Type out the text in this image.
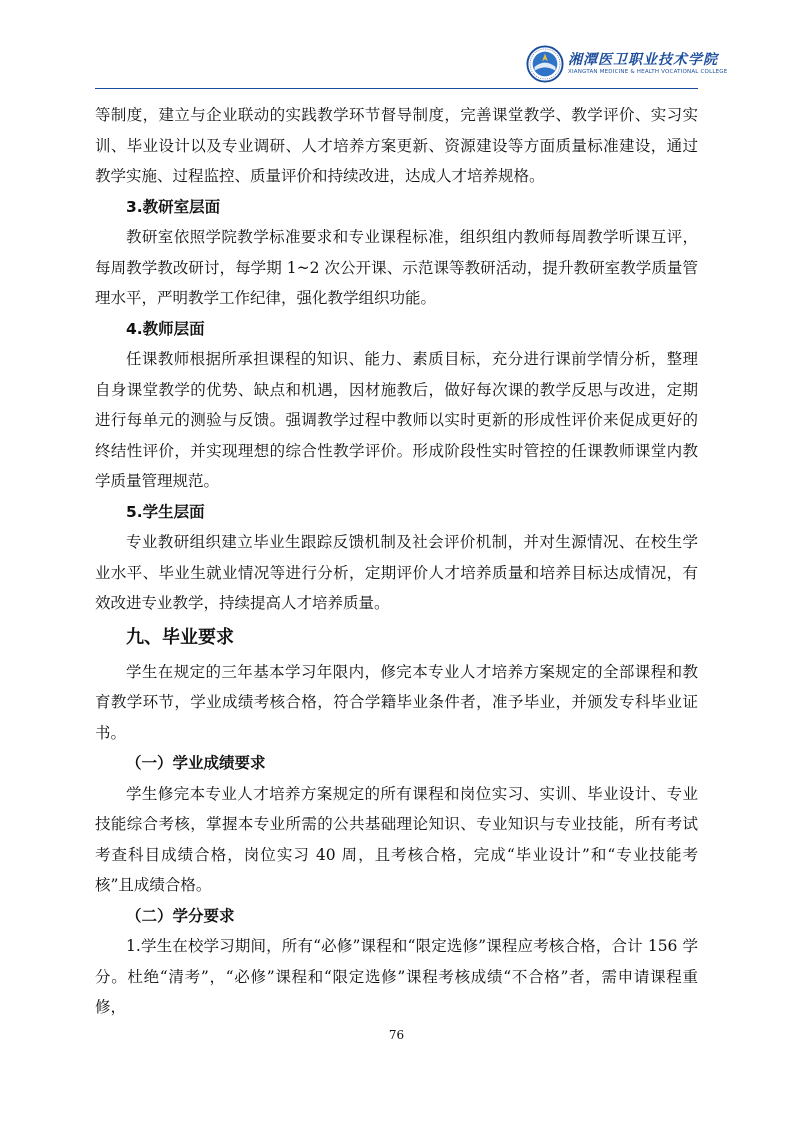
湘潭医卫职业技术学院
XIANGTAN MEDICINE & HEALTH VOCATIONAL COLLEGE

等制度，建立与企业联动的实践教学环节督导制度，完善课堂教学、教学评价、实习实训、毕业设计以及专业调研、人才培养方案更新、资源建设等方面质量标准建设，通过教学实施、过程监控、质量评价和持续改进，达成人才培养规格。

3.教研室层面

教研室依照学院教学标准要求和专业课程标准，组织组内教师每周教学听课互评，每周教学教改研讨，每学期 1~2 次公开课、示范课等教研活动，提升教研室教学质量管理水平，严明教学工作纪律，强化教学组织功能。

4.教师层面

任课教师根据所承担课程的知识、能力、素质目标，充分进行课前学情分析，整理自身课堂教学的优势、缺点和机遇，因材施教后，做好每次课的教学反思与改进，定期进行每单元的测验与反馈。强调教学过程中教师以实时更新的形成性评价来促成更好的终结性评价，并实现理想的综合性教学评价。形成阶段性实时管控的任课教师课堂内教学质量管理规范。

5.学生层面

专业教研组织建立毕业生跟踪反馈机制及社会评价机制，并对生源情况、在校生学业水平、毕业生就业情况等进行分析，定期评价人才培养质量和培养目标达成情况，有效改进专业教学，持续提高人才培养质量。

九、毕业要求

学生在规定的三年基本学习年限内，修完本专业人才培养方案规定的全部课程和教育教学环节，学业成绩考核合格，符合学籍毕业条件者，准予毕业，并颁发专科毕业证书。

（一）学业成绩要求

学生修完本专业人才培养方案规定的所有课程和岗位实习、实训、毕业设计、专业技能综合考核，掌握本专业所需的公共基础理论知识、专业知识与专业技能，所有考试考查科目成绩合格，岗位实习 40 周，且考核合格，完成“毕业设计”和“专业技能考核”且成绩合格。

（二）学分要求

1.学生在校学习期间，所有“必修”课程和“限定选修”课程应考核合格，合计 156 学分。杜绝“清考”，“必修”课程和“限定选修”课程考核成绩“不合格”者，需申请课程重修，

76
